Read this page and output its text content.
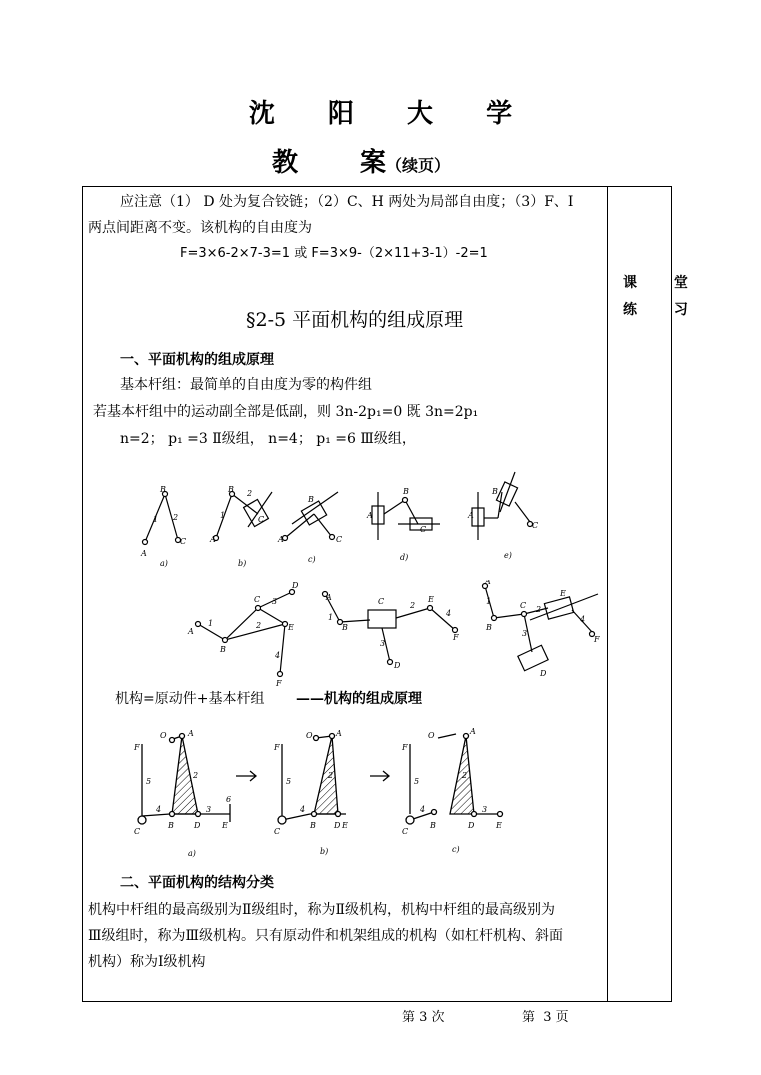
沈 阳 大 学
教 案（续页）
课 堂
练 习
应注意（1） D 处为复合铰链；（2）C、H 两处为局部自由度；（3）F、I
两点间距离不变。该机构的自由度为
F=3×6-2×7-3=1 或 F=3×9-（2×11+3-1）-2=1
§2-5 平面机构的组成原理
一、平面机构的组成原理
基本杆组：最简单的自由度为零的构件组
若基本杆组中的运动副全部是低副，则 3n-2p₁=0 既 3n=2p₁
n=2； p₁ =3 Ⅱ级组， n=4； p₁ =6 Ⅲ级组，
B
A
C
1 2
B
A
C
1
2
B
A	C
A
B
C
A
B
C
a)	b)	c)	d)	e)
A
B
C
E
D
F
1	2
3
4
A
B
C	E
F
D
1
2
3
4
A
B
C
E
F
D
1
2
3
4
机构=原动件+基本杆组 ——机构的组成原理
F
C
B	D	E
A
5
2
4	3
6
O
F
C
B D E
A
5
2
4
O
F
C
B	D	E
A
5
2
4	3
O
a)	b)	c)
二、平面机构的结构分类
机构中杆组的最高级别为Ⅱ级组时，称为Ⅱ级机构，机构中杆组的最高级别为
Ⅲ级组时，称为Ⅲ级机构。只有原动件和机架组成的机构（如杠杆机构、斜面
机构）称为Ⅰ级机构
第 3 次	第  3 页
